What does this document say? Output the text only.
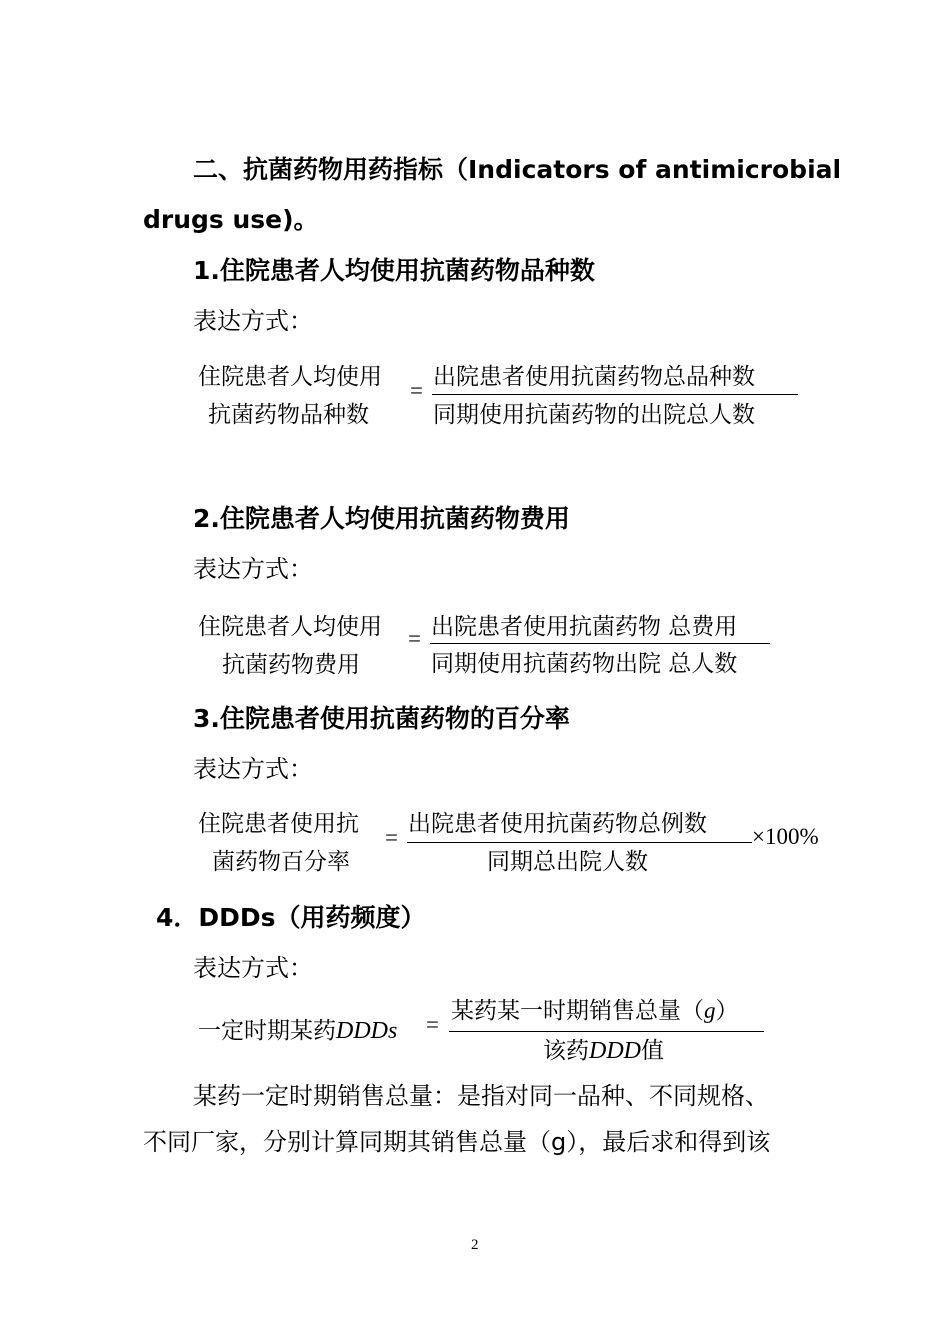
二、抗菌药物用药指标（Indicators of antimicrobial
drugs use)。
1.住院患者人均使用抗菌药物品种数
表达方式：
住院患者人均使用
抗菌药物品种数
=
出院患者使用抗菌药物总品种数
同期使用抗菌药物的出院总人数
2.住院患者人均使用抗菌药物费用
表达方式：
住院患者人均使用
抗菌药物费用
= 出院患者使用抗菌药物 总费用
同期使用抗菌药物出院 总人数
3.住院患者使用抗菌药物的百分率
表达方式：
住院患者使用抗
菌药物百分率
=
出院患者使用抗菌药物总例数
同期总出院人数
×100%
4．DDDs（用药频度）
表达方式：
一定时期某药DDDs =
某药某一时期销售总量（g）
该药DDD值
某药一定时期销售总量：是指对同一品种、不同规格、
不同厂家，分别计算同期其销售总量（g），最后求和得到该
2
